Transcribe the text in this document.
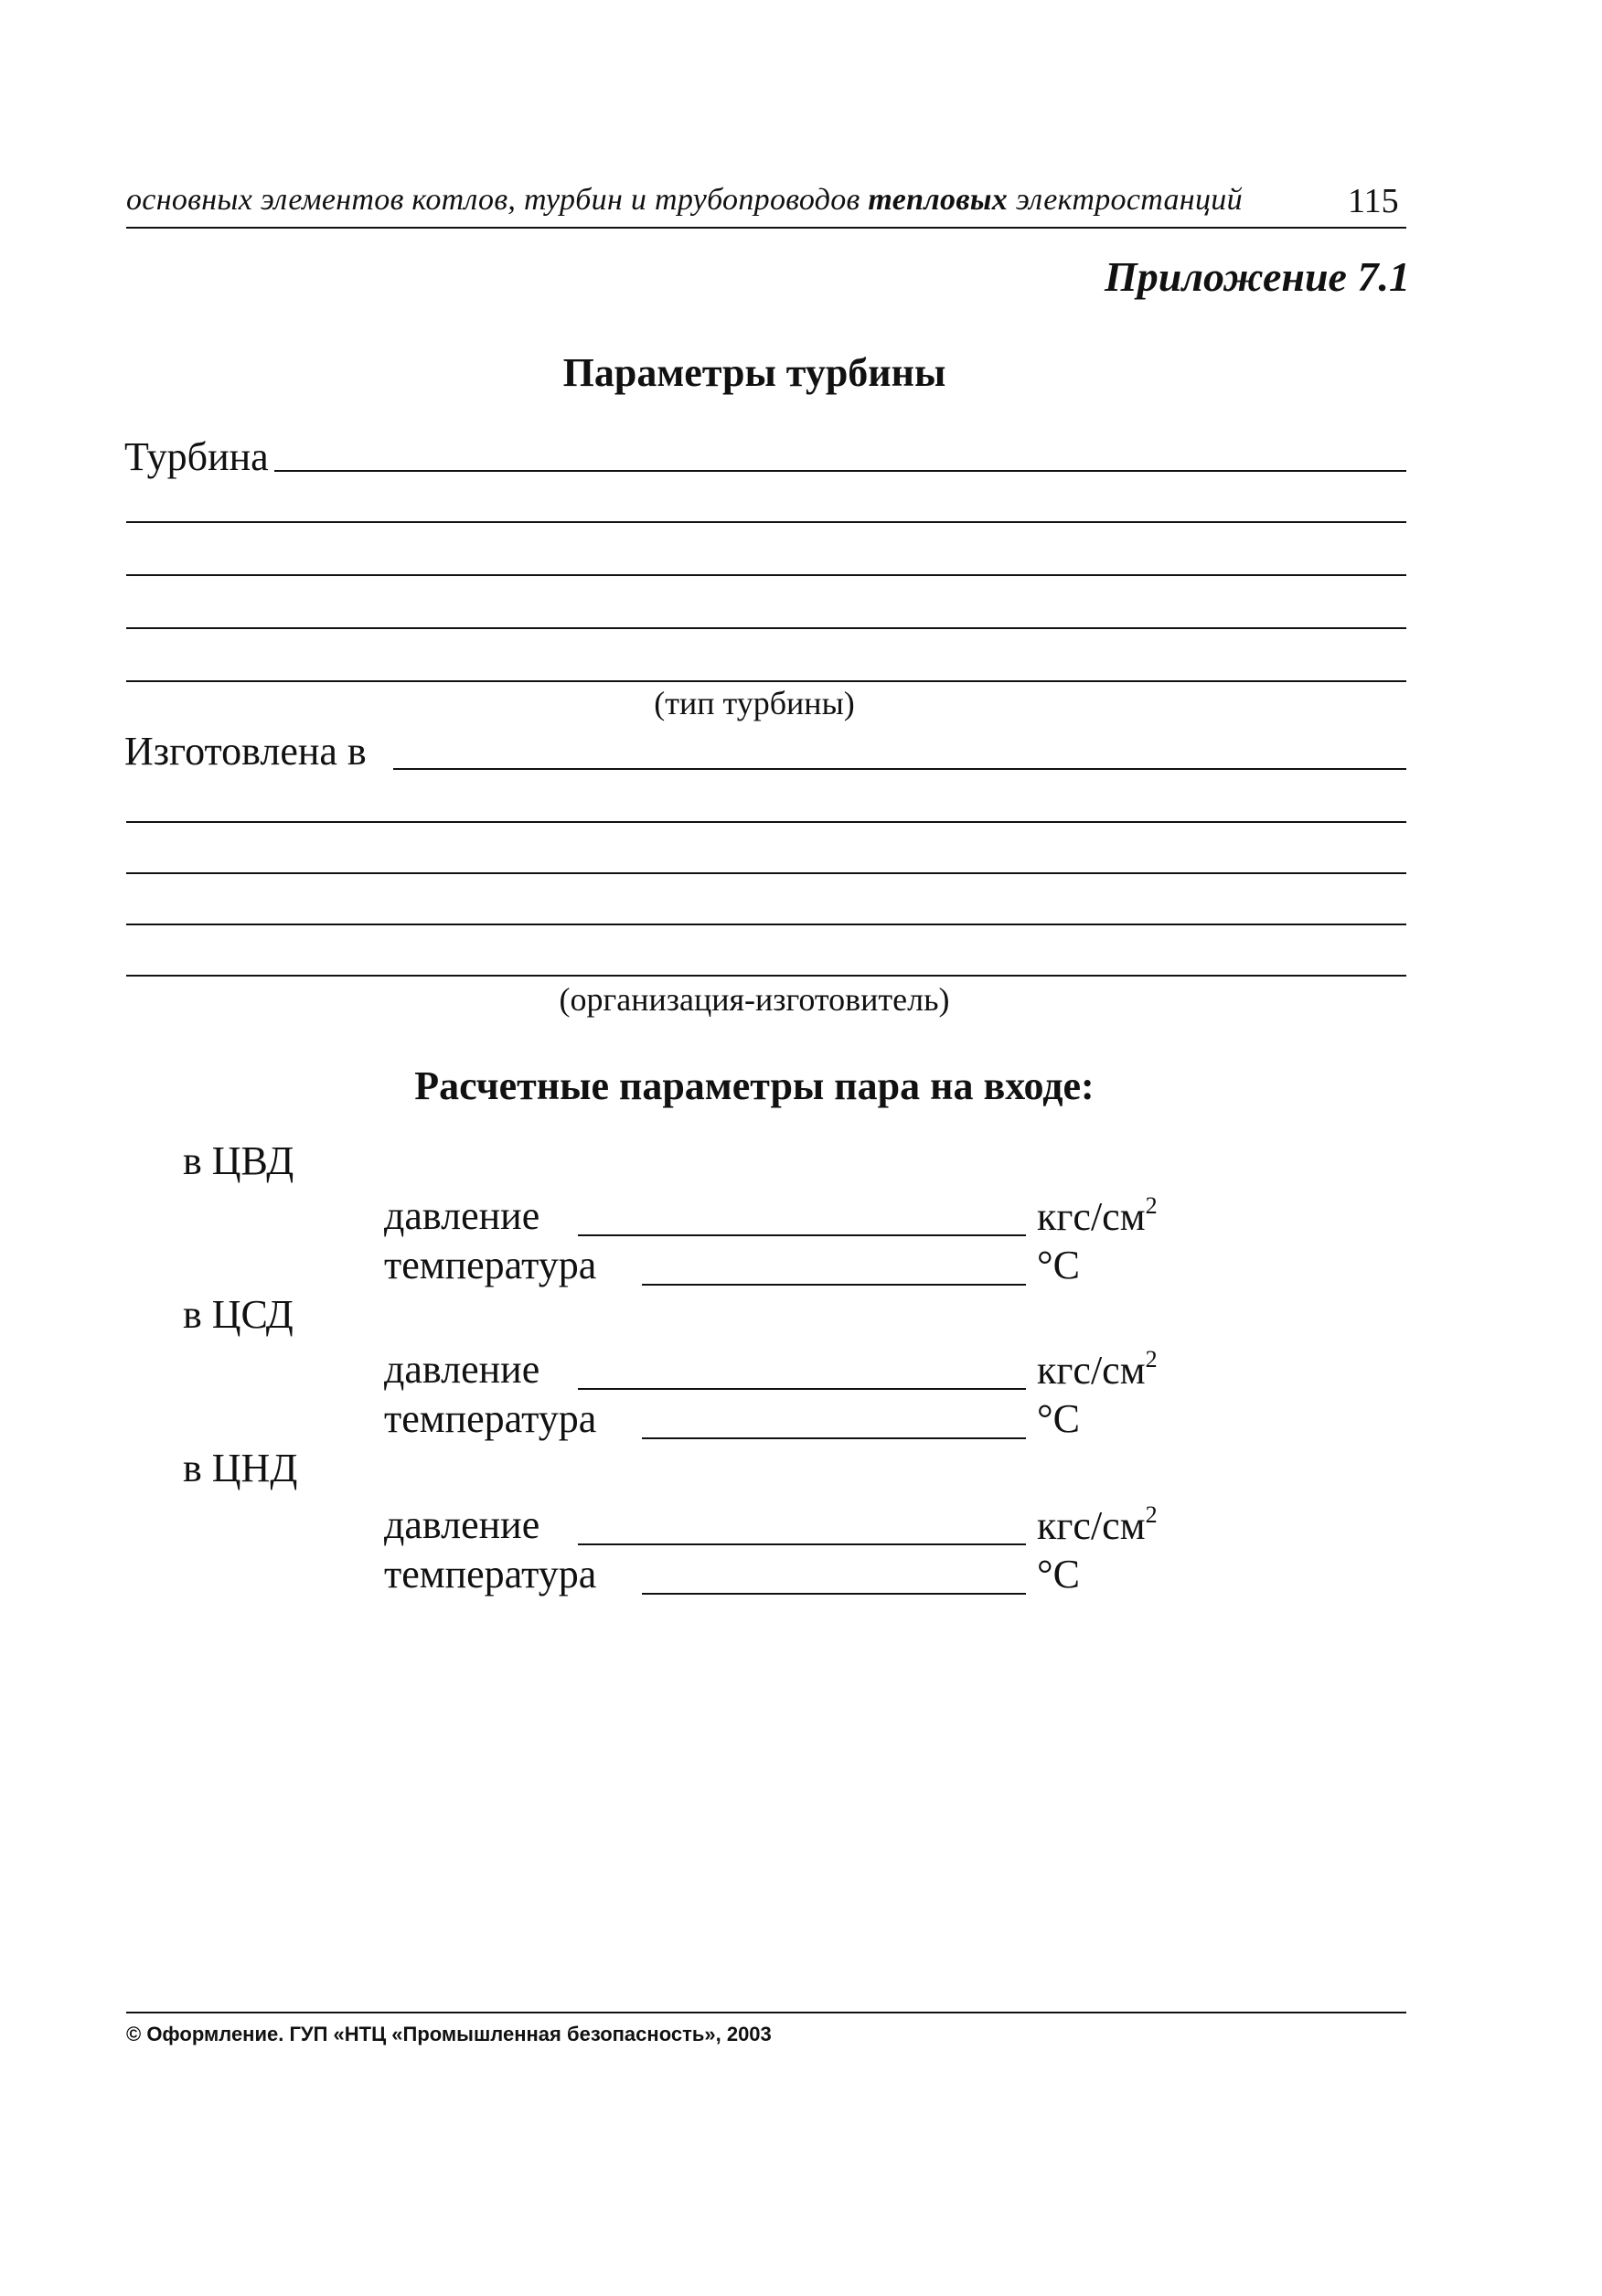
основных элементов котлов, турбин и трубопроводов тепловых электростанций	115
Приложение 7.1
Параметры турбины
Турбина
(тип турбины)
Изготовлена в
(организация-изготовитель)
Расчетные параметры пара на входе:
в ЦВД
давление	кгс/$см^2$
температура	°C
в ЦСД
давление	кгс/$см^2$
температура	°C
в ЦНД
давление	кгс/$см^2$
температура	°C
© Оформление. ГУП «НТЦ «Промышленная безопасность», 2003
